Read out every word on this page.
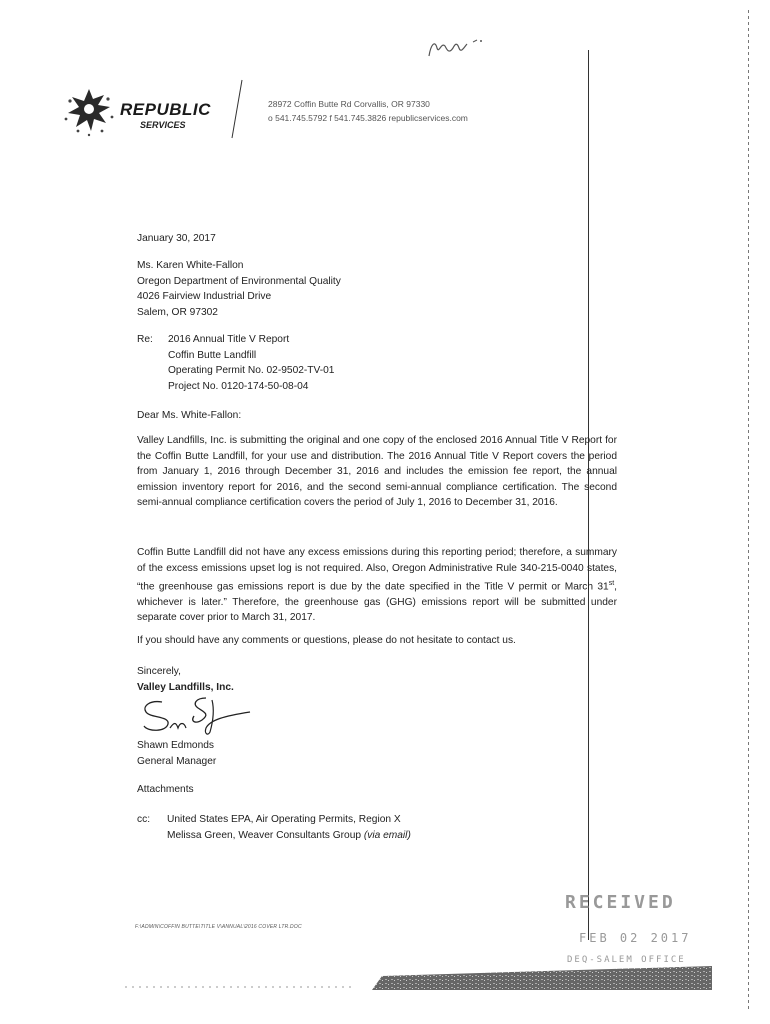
REPUBLIC
SERVICES
28972 Coffin Butte Rd Corvallis, OR 97330
o 541.745.5792 f 541.745.3826 republicservices.com
January 30, 2017
Ms. Karen White-Fallon
Oregon Department of Environmental Quality
4026 Fairview Industrial Drive
Salem, OR 97302
Re: 2016 Annual Title V Report
Coffin Butte Landfill
Operating Permit No. 02-9502-TV-01
Project No. 0120-174-50-08-04
Dear Ms. White-Fallon:
Valley Landfills, Inc. is submitting the original and one copy of the enclosed 2016 Annual Title V Report for the Coffin Butte Landfill, for your use and distribution. The 2016 Annual Title V Report covers the period from January 1, 2016 through December 31, 2016 and includes the emission fee report, the annual emission inventory report for 2016, and the second semi-annual compliance certification. The second semi-annual compliance certification covers the period of July 1, 2016 to December 31, 2016.
Coffin Butte Landfill did not have any excess emissions during this reporting period; therefore, a summary of the excess emissions upset log is not required. Also, Oregon Administrative Rule 340-215-0040 states, “the greenhouse gas emissions report is due by the date specified in the Title V permit or March 31st, whichever is later.” Therefore, the greenhouse gas (GHG) emissions report will be submitted under separate cover prior to March 31, 2017.
If you should have any comments or questions, please do not hesitate to contact us.
Sincerely,
Valley Landfills, Inc.
Shawn Edmonds
General Manager
Attachments
cc: United States EPA, Air Operating Permits, Region X
Melissa Green, Weaver Consultants Group (via email)
F:\ADMIN\COFFIN BUTTE\TITLE V\ANNUAL\2016 COVER LTR.DOC
RECEIVED
FEB 02 2017
DEQ-SALEM OFFICE
